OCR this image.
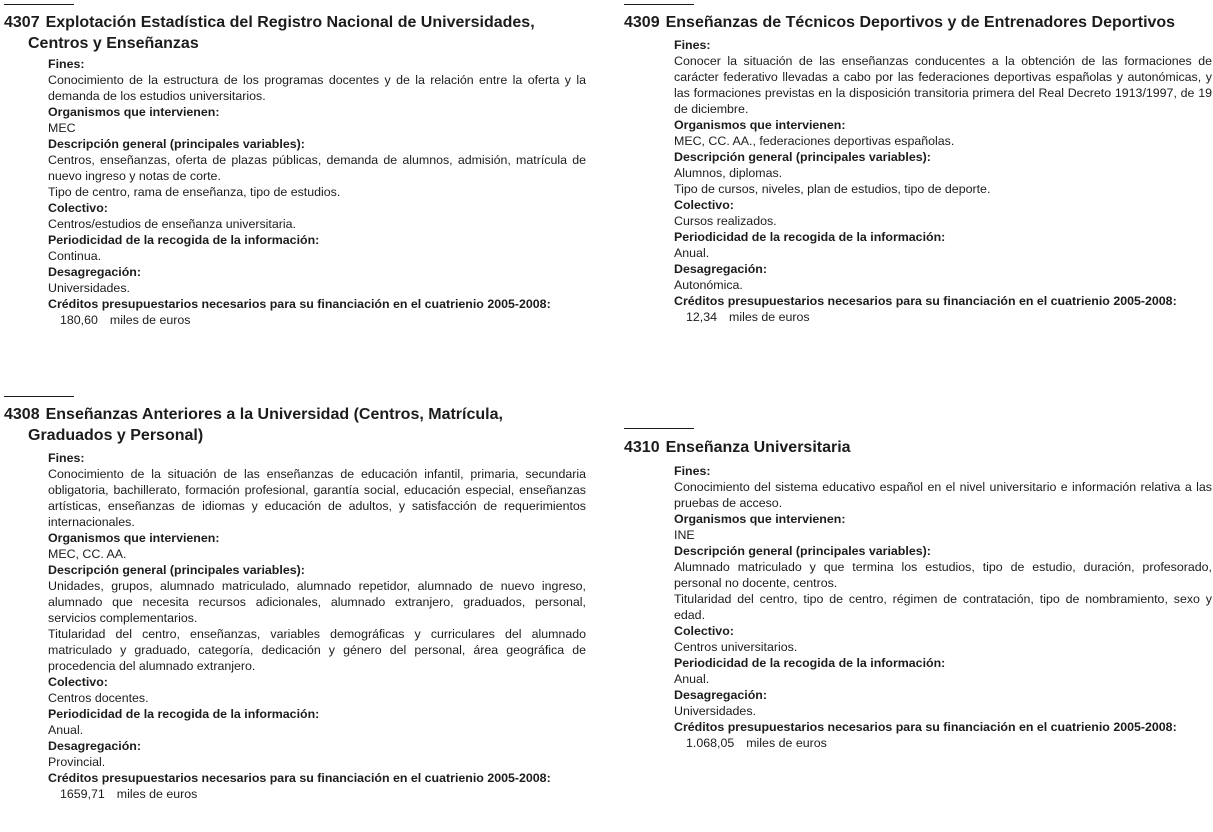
4307 Explotación Estadística del Registro Nacional de Universidades,
Centros y Enseñanzas
Fines:
Conocimiento de la estructura de los programas docentes y de la relación entre la oferta y la demanda de los estudios universitarios.
Organismos que intervienen:
MEC
Descripción general (principales variables):
Centros, enseñanzas, oferta de plazas públicas, demanda de alumnos, admisión, matrícula de nuevo ingreso y notas de corte.
Tipo de centro, rama de enseñanza, tipo de estudios.
Colectivo:
Centros/estudios de enseñanza universitaria.
Periodicidad de la recogida de la información:
Continua.
Desagregación:
Universidades.
Créditos presupuestarios necesarios para su financiación en el cuatrienio 2005-2008:
180,60 miles de euros
4308 Enseñanzas Anteriores a la Universidad (Centros, Matrícula,
Graduados y Personal)
Fines:
Conocimiento de la situación de las enseñanzas de educación infantil, primaria, secundaria obligatoria, bachillerato, formación profesional, garantía social, educación especial, enseñanzas artísticas, enseñanzas de idiomas y educación de adultos, y satisfacción de requerimientos internacionales.
Organismos que intervienen:
MEC, CC. AA.
Descripción general (principales variables):
Unidades, grupos, alumnado matriculado, alumnado repetidor, alumnado de nuevo ingreso, alumnado que necesita recursos adicionales, alumnado extranjero, graduados, personal, servicios complementarios.
Titularidad del centro, enseñanzas, variables demográficas y curriculares del alumnado matriculado y graduado, categoría, dedicación y género del personal, área geográfica de procedencia del alumnado extranjero.
Colectivo:
Centros docentes.
Periodicidad de la recogida de la información:
Anual.
Desagregación:
Provincial.
Créditos presupuestarios necesarios para su financiación en el cuatrienio 2005-2008:
1659,71 miles de euros
4309 Enseñanzas de Técnicos Deportivos y de Entrenadores Deportivos
Fines:
Conocer la situación de las enseñanzas conducentes a la obtención de las formaciones de carácter federativo llevadas a cabo por las federaciones deportivas españolas y autonómicas, y las formaciones previstas en la disposición transitoria primera del Real Decreto 1913/1997, de 19 de diciembre.
Organismos que intervienen:
MEC, CC. AA., federaciones deportivas españolas.
Descripción general (principales variables):
Alumnos, diplomas.
Tipo de cursos, niveles, plan de estudios, tipo de deporte.
Colectivo:
Cursos realizados.
Periodicidad de la recogida de la información:
Anual.
Desagregación:
Autonómica.
Créditos presupuestarios necesarios para su financiación en el cuatrienio 2005-2008:
12,34 miles de euros
4310 Enseñanza Universitaria
Fines:
Conocimiento del sistema educativo español en el nivel universitario e información relativa a las pruebas de acceso.
Organismos que intervienen:
INE
Descripción general (principales variables):
Alumnado matriculado y que termina los estudios, tipo de estudio, duración, profesorado, personal no docente, centros.
Titularidad del centro, tipo de centro, régimen de contratación, tipo de nombramiento, sexo y edad.
Colectivo:
Centros universitarios.
Periodicidad de la recogida de la información:
Anual.
Desagregación:
Universidades.
Créditos presupuestarios necesarios para su financiación en el cuatrienio 2005-2008:
1.068,05 miles de euros
